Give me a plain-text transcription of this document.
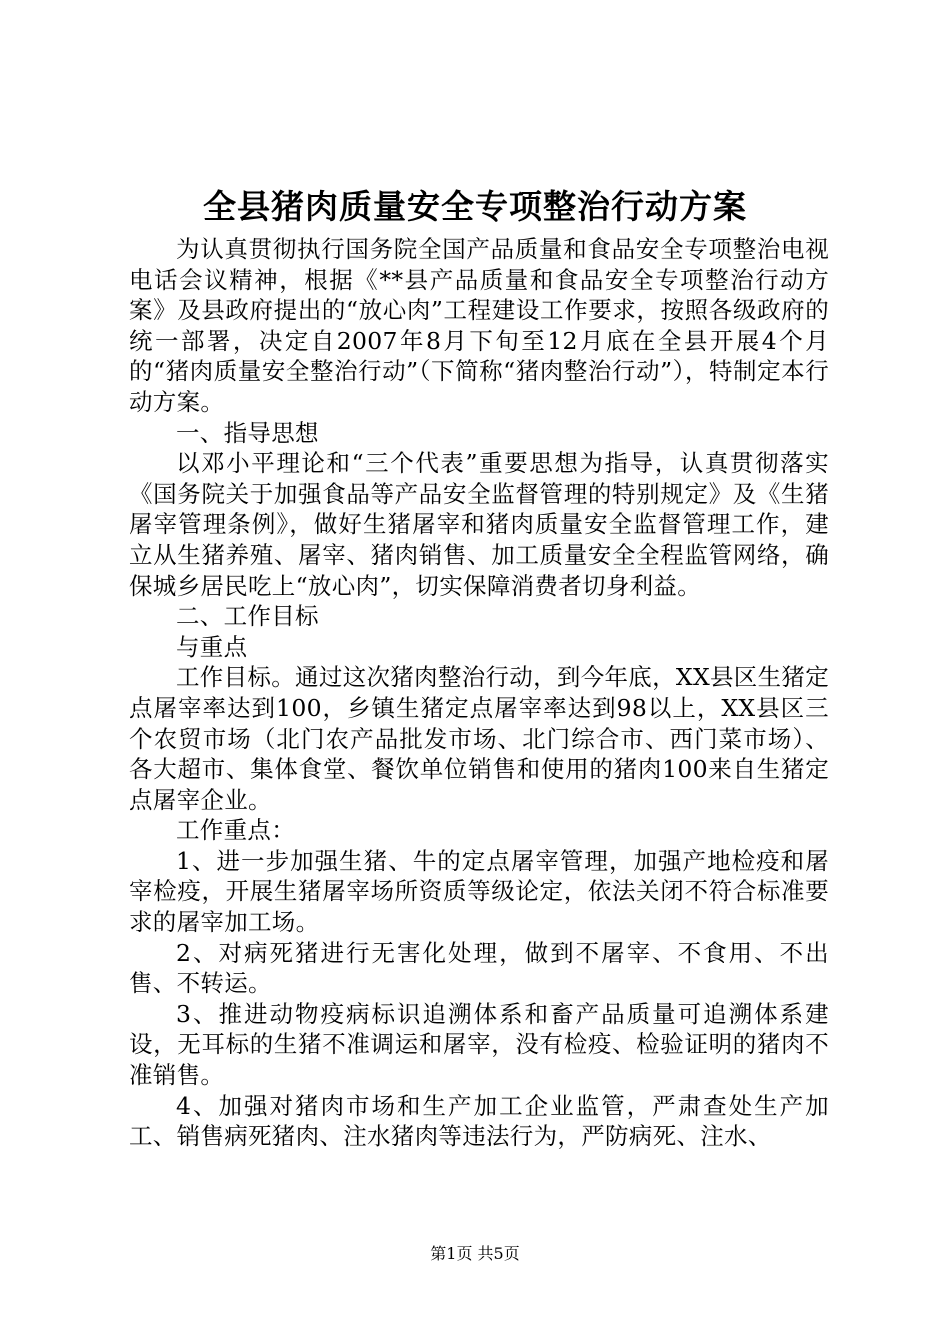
全县猪肉质量安全专项整治行动方案

为认真贯彻执行国务院全国产品质量和食品安全专项整治电视电话会议精神，根据《**县产品质量和食品安全专项整治行动方案》及县政府提出的“放心肉”工程建设工作要求，按照各级政府的统一部署，决定自2007年8月下旬至12月底在全县开展4个月的“猪肉质量安全整治行动”（下简称“猪肉整治行动”），特制定本行动方案。

一、指导思想

以邓小平理论和“三个代表”重要思想为指导，认真贯彻落实《国务院关于加强食品等产品安全监督管理的特别规定》及《生猪屠宰管理条例》，做好生猪屠宰和猪肉质量安全监督管理工作，建立从生猪养殖、屠宰、猪肉销售、加工质量安全全程监管网络，确保城乡居民吃上“放心肉”，切实保障消费者切身利益。

二、工作目标

与重点

工作目标。通过这次猪肉整治行动，到今年底，XX县区生猪定点屠宰率达到100，乡镇生猪定点屠宰率达到98以上，XX县区三个农贸市场（北门农产品批发市场、北门综合市、西门菜市场）、各大超市、集体食堂、餐饮单位销售和使用的猪肉100来自生猪定点屠宰企业。

工作重点：

1、进一步加强生猪、牛的定点屠宰管理，加强产地检疫和屠宰检疫，开展生猪屠宰场所资质等级论定，依法关闭不符合标准要求的屠宰加工场。

2、对病死猪进行无害化处理，做到不屠宰、不食用、不出售、不转运。

3、推进动物疫病标识追溯体系和畜产品质量可追溯体系建设，无耳标的生猪不准调运和屠宰，没有检疫、检验证明的猪肉不准销售。

4、加强对猪肉市场和生产加工企业监管，严肃查处生产加工、销售病死猪肉、注水猪肉等违法行为，严防病死、注水、

第1页 共5页
